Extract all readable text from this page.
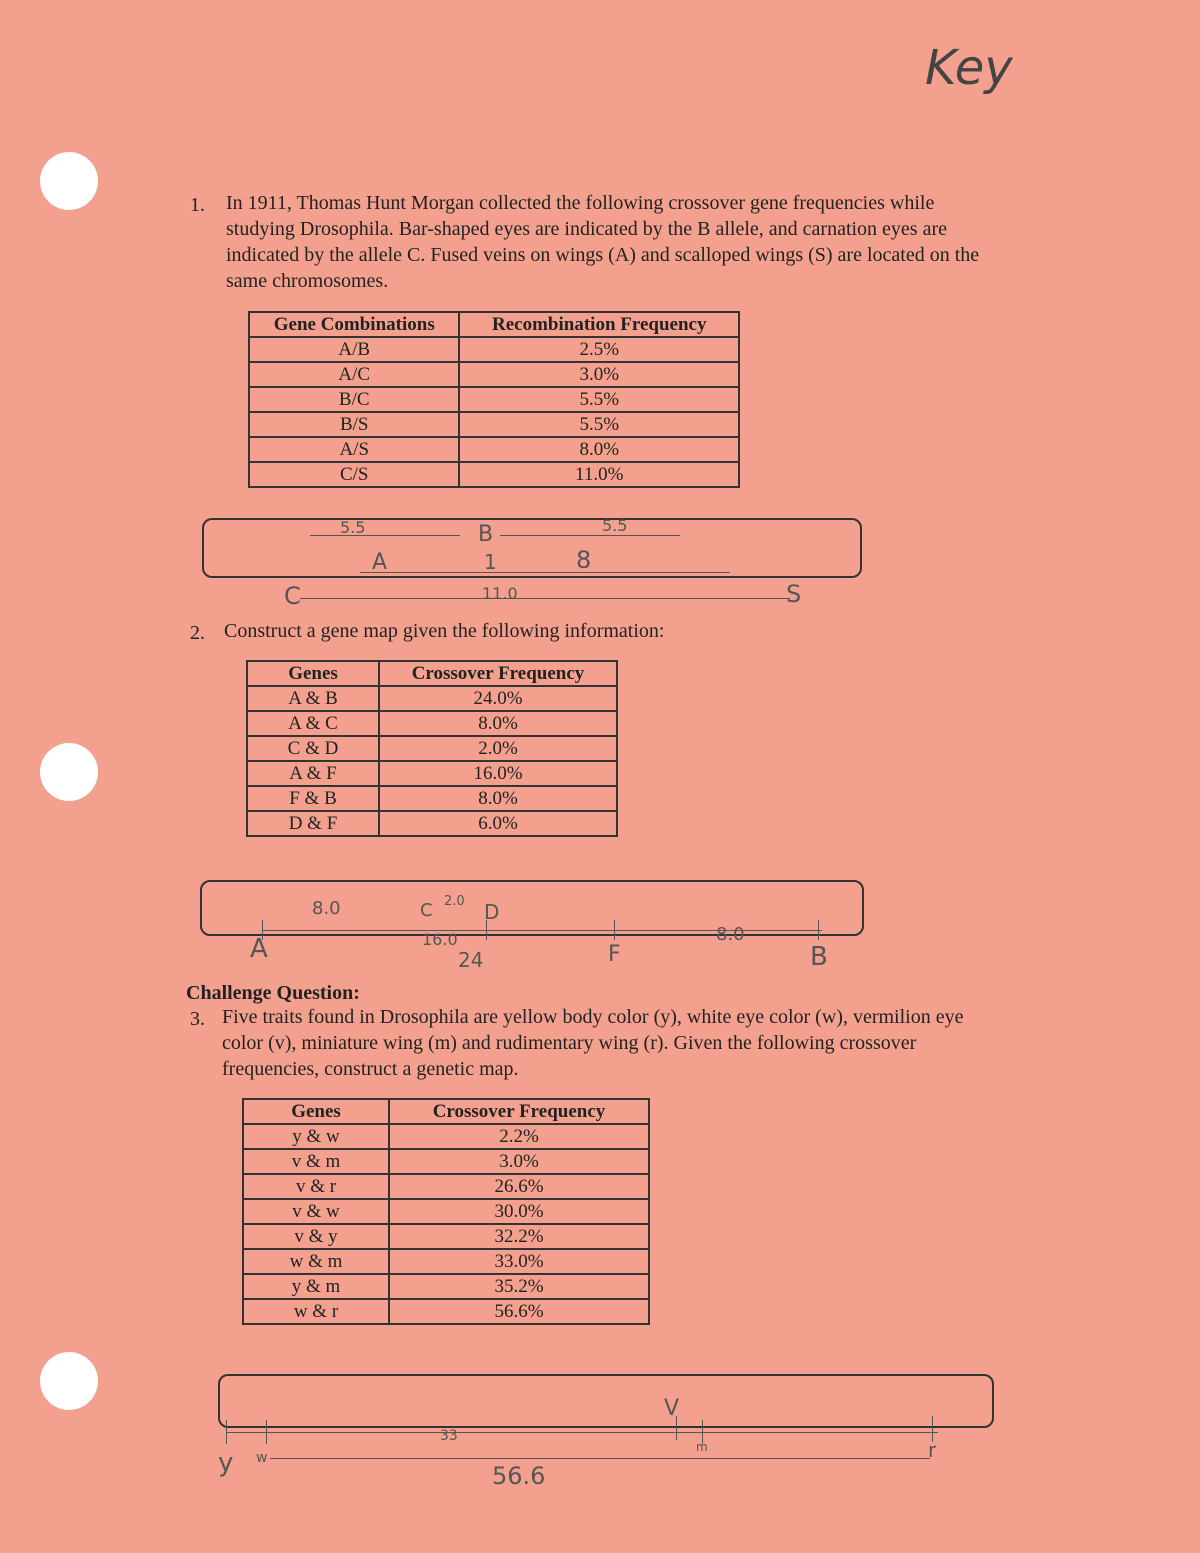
Key
1. In 1911, Thomas Hunt Morgan collected the following crossover gene frequencies while studying Drosophila. Bar-shaped eyes are indicated by the B allele, and carnation eyes are indicated by the allele C. Fused veins on wings (A) and scalloped wings (S) are located on the same chromosomes.
Gene Combinations	Recombination Frequency
A/B	2.5%
A/C	3.0%
B/C	5.5%
B/S	5.5%
A/S	8.0%
C/S	11.0%
5.5	B	5.5
A	1	8
C	11.0	S
2. Construct a gene map given the following information:
Genes	Crossover Frequency
A & B	24.0%
A & C	8.0%
C & D	2.0%
A & F	16.0%
F & B	8.0%
D & F	6.0%
8.0	C 2.0 D
A	16.0
24	F
8.0
B
Challenge Question:
3. Five traits found in Drosophila are yellow body color (y), white eye color (w), vermilion eye color (v), miniature wing (m) and rudimentary wing (r). Given the following crossover frequencies, construct a genetic map.
Genes	Crossover Frequency
y & w	2.2%
v & m	3.0%
v & r	26.6%
v & w	30.0%
v & y	32.2%
w & m	33.0%
y & m	35.2%
w & r	56.6%
V
33
m	r
y w
56.6
